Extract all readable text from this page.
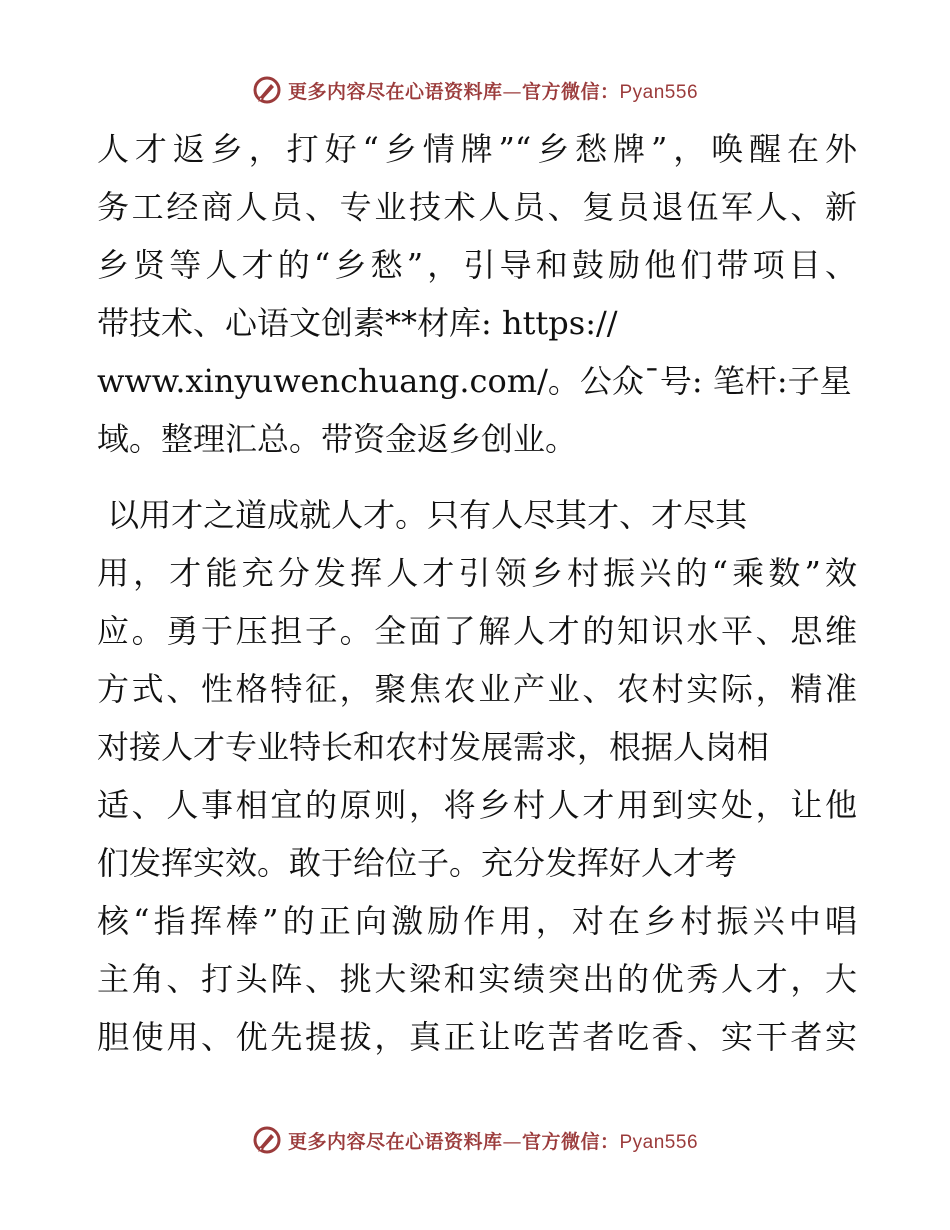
更多内容尽在心语资料库—官方微信：Pyan556
人才返乡，打好“乡情牌”“乡愁牌”，唤醒在外
务工经商人员、专业技术人员、复员退伍军人、新
乡贤等人才的“乡愁”，引导和鼓励他们带项目、
带技术、心语文创素**材库: https://
www.xinyuwenchuang.com/。公众¯号: 笔杆:子星
域。整理汇总。带资金返乡创业。
以用才之道成就人才。只有人尽其才、才尽其
用，才能充分发挥人才引领乡村振兴的“乘数”效
应。勇于压担子。全面了解人才的知识水平、思维
方式、性格特征，聚焦农业产业、农村实际，精准
对接人才专业特长和农村发展需求，根据人岗相
适、人事相宜的原则，将乡村人才用到实处，让他
们发挥实效。敢于给位子。充分发挥好人才考
核“指挥棒”的正向激励作用，对在乡村振兴中唱
主角、打头阵、挑大梁和实绩突出的优秀人才，大
胆使用、优先提拔，真正让吃苦者吃香、实干者实
更多内容尽在心语资料库—官方微信：Pyan556
